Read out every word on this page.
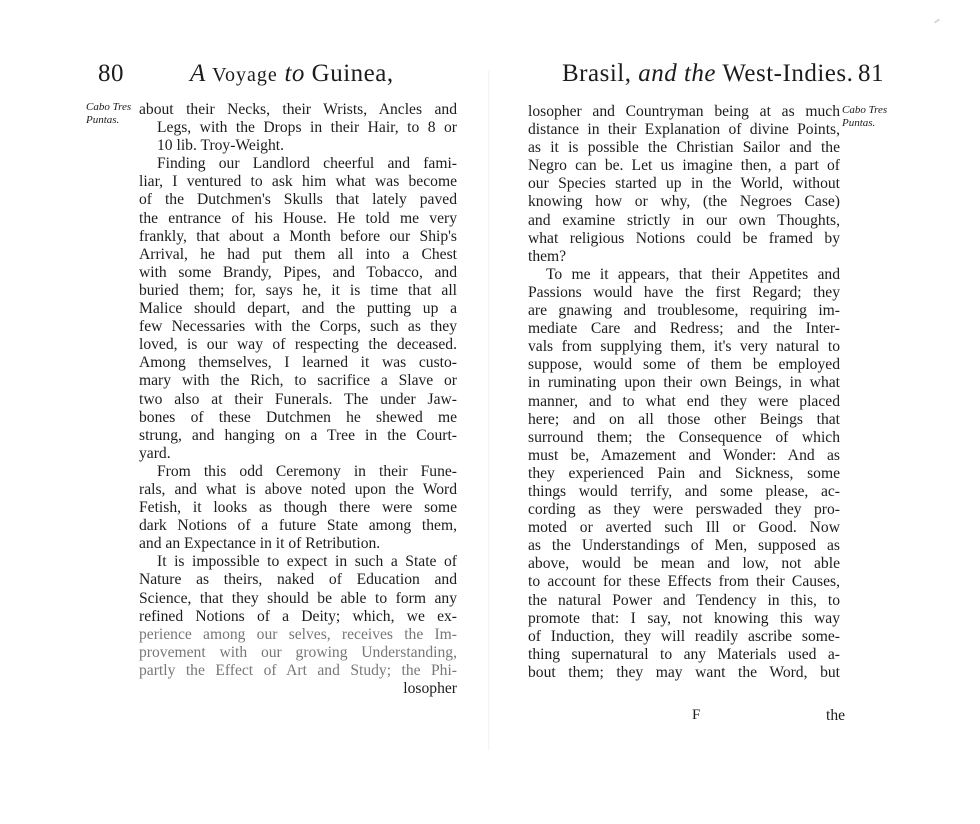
80	A Voyage to Guinea,
Cabo Tres Puntas.
about their Necks, their Wrists, Ancles and
Legs, with the Drops in their Hair, to 8 or
10 lib. Troy-Weight.
Finding our Landlord cheerful and fami-
liar, I ventured to ask him what was become
of the Dutchmen's Skulls that lately paved
the entrance of his House. He told me very
frankly, that about a Month before our Ship's
Arrival, he had put them all into a Chest
with some Brandy, Pipes, and Tobacco, and
buried them; for, says he, it is time that all
Malice should depart, and the putting up a
few Necessaries with the Corps, such as they
loved, is our way of respecting the deceased.
Among themselves, I learned it was custo-
mary with the Rich, to sacrifice a Slave or
two also at their Funerals. The under Jaw-
bones of these Dutchmen he shewed me
strung, and hanging on a Tree in the Court-
yard.
From this odd Ceremony in their Fune-
rals, and what is above noted upon the Word
Fetish, it looks as though there were some
dark Notions of a future State among them,
and an Expectance in it of Retribution.
It is impossible to expect in such a State of
Nature as theirs, naked of Education and
Science, that they should be able to form any
refined Notions of a Deity; which, we ex-
perience among our selves, receives the Im-
provement with our growing Understanding,
partly the Effect of Art and Study; the Phi-
losopher
Brasil, and the West-Indies. 81
Cabo Tres Puntas.
losopher and Countryman being at as much
distance in their Explanation of divine Points,
as it is possible the Christian Sailor and the
Negro can be. Let us imagine then, a part of
our Species started up in the World, without
knowing how or why, (the Negroes Case)
and examine strictly in our own Thoughts,
what religious Notions could be framed by
them?
To me it appears, that their Appetites and
Passions would have the first Regard; they
are gnawing and troublesome, requiring im-
mediate Care and Redress; and the Inter-
vals from supplying them, it's very natural to
suppose, would some of them be employed
in ruminating upon their own Beings, in what
manner, and to what end they were placed
here; and on all those other Beings that
surround them; the Consequence of which
must be, Amazement and Wonder: And as
they experienced Pain and Sickness, some
things would terrify, and some please, ac-
cording as they were perswaded they pro-
moted or averted such Ill or Good. Now
as the Understandings of Men, supposed as
above, would be mean and low, not able
to account for these Effects from their Causes,
the natural Power and Tendency in this, to
promote that: I say, not knowing this way
of Induction, they will readily ascribe some-
thing supernatural to any Materials used a-
bout them; they may want the Word, but
F	the
